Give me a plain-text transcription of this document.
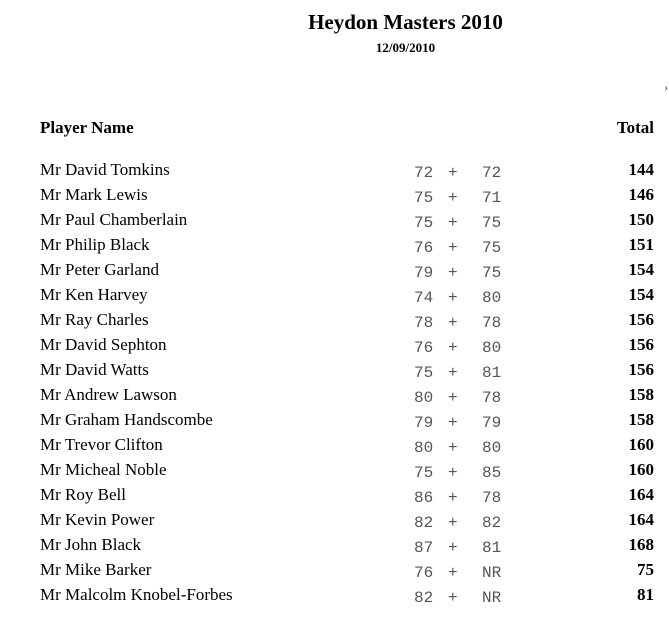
Heydon Masters 2010
12/09/2010
›
Player Name	Total
Mr David Tomkins	72 + 72	144
Mr Mark Lewis	75 + 71	146
Mr Paul Chamberlain	75 + 75	150
Mr Philip Black	76 + 75	151
Mr Peter Garland	79 + 75	154
Mr Ken Harvey	74 + 80	154
Mr Ray Charles	78 + 78	156
Mr David Sephton	76 + 80	156
Mr David Watts	75 + 81	156
Mr Andrew Lawson	80 + 78	158
Mr Graham Handscombe	79 + 79	158
Mr Trevor Clifton	80 + 80	160
Mr Micheal Noble	75 + 85	160
Mr Roy Bell	86 + 78	164
Mr Kevin Power	82 + 82	164
Mr John Black	87 + 81	168
Mr Mike Barker	76 + NR	75
Mr Malcolm Knobel-Forbes	82 + NR	81
